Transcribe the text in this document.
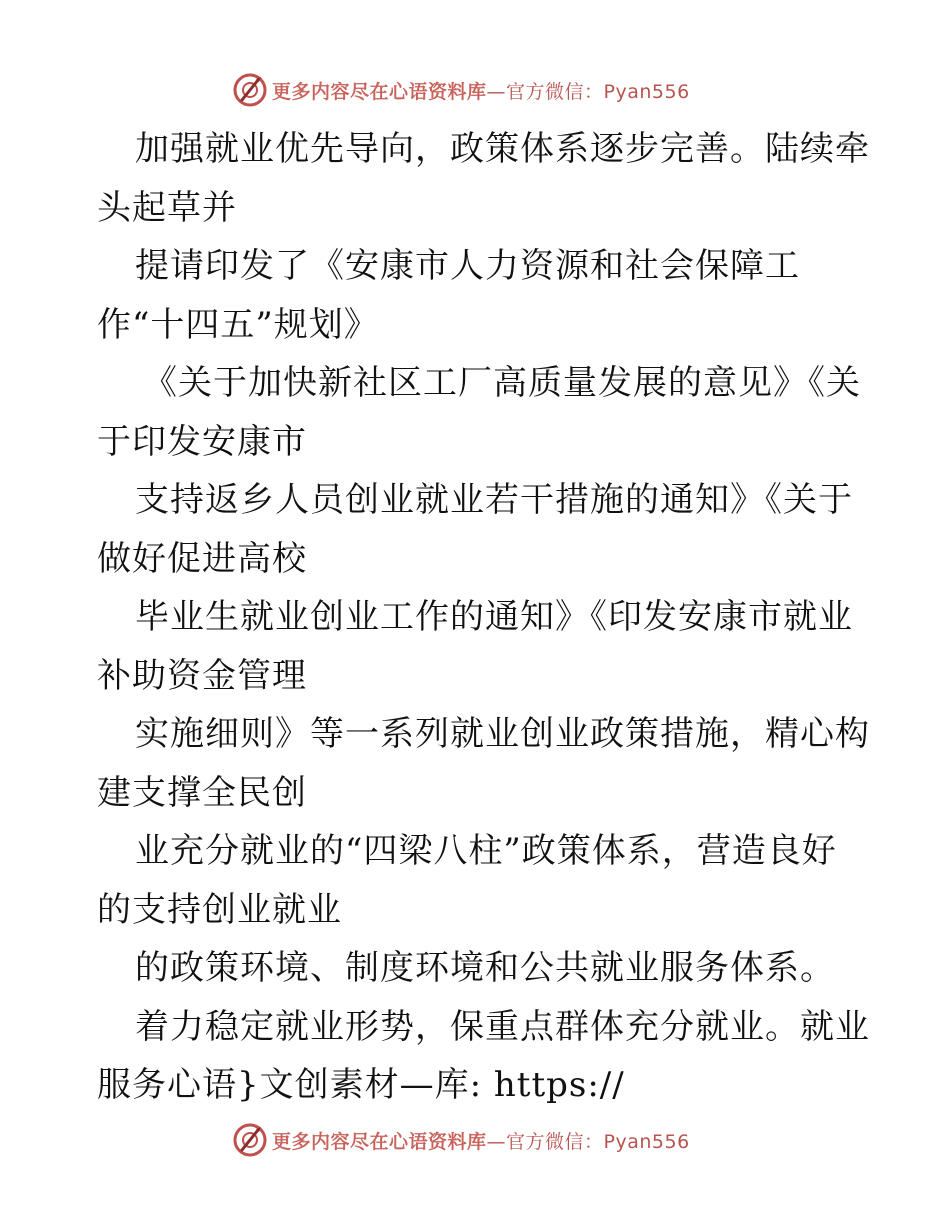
更多内容尽在心语资料库—官方微信：Pyan556
加强就业优先导向，政策体系逐步完善。陆续牵
头起草并
提请印发了《安康市人力资源和社会保障工
作“十四五”规划》
《关于加快新社区工厂高质量发展的意见》《关
于印发安康市
支持返乡人员创业就业若干措施的通知》《关于
做好促进高校
毕业生就业创业工作的通知》《印发安康市就业
补助资金管理
实施细则》等一系列就业创业政策措施，精心构
建支撑全民创
业充分就业的“四梁八柱”政策体系，营造良好
的支持创业就业
的政策环境、制度环境和公共就业服务体系。
着力稳定就业形势，保重点群体充分就业。就业
服务心语}文创素材—库: https://
更多内容尽在心语资料库—官方微信：Pyan556
